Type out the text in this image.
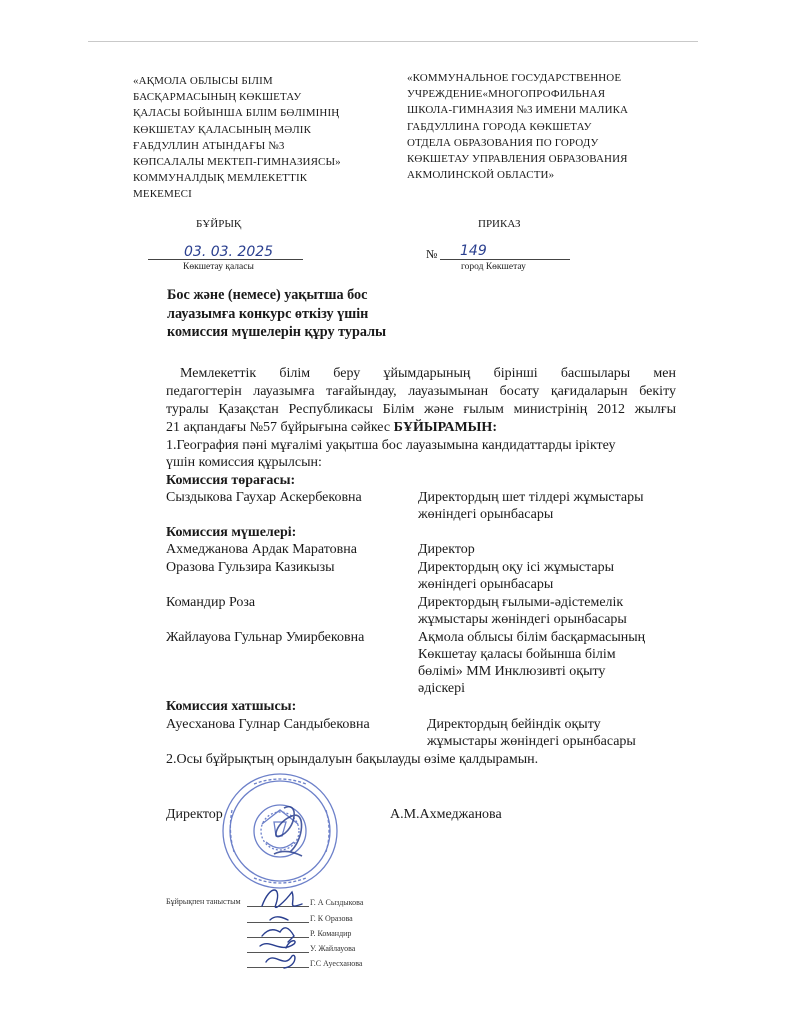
«АҚМОЛА ОБЛЫСЫ БІЛІМ
БАСҚАРМАСЫНЫҢ КӨКШЕТАУ
ҚАЛАСЫ БОЙЫНША БІЛІМ БӨЛІМІНІҢ
КӨКШЕТАУ ҚАЛАСЫНЫҢ МӘЛІК
ҒАБДУЛЛИН АТЫНДАҒЫ №3
КӨПСАЛАЛЫ МЕКТЕП-ГИМНАЗИЯСЫ»
КОММУНАЛДЫҚ МЕМЛЕКЕТТІК
МЕКЕМЕСІ
«КОММУНАЛЬНОЕ ГОСУДАРСТВЕННОЕ
УЧРЕЖДЕНИЕ«МНОГОПРОФИЛЬНАЯ
ШКОЛА-ГИМНАЗИЯ №3 ИМЕНИ МАЛИКА
ГАБДУЛЛИНА ГОРОДА КӨКШЕТАУ
ОТДЕЛА ОБРАЗОВАНИЯ ПО ГОРОДУ
КӨКШЕТАУ УПРАВЛЕНИЯ ОБРАЗОВАНИЯ
АКМОЛИНСКОЙ ОБЛАСТИ»
БҰЙРЫҚ	ПРИКАЗ
03. 03. 2025
Көкшетау қаласы
№ 149
город Көкшетау
Бос және (немесе) уақытша бос
лауазымға конкурс өткізу үшін
комиссия мүшелерін құру туралы
Мемлекеттік білім беру ұйымдарының бірінші басшылары мен
педагогтерін лауазымға тағайындау, лауазымынан босату қағидаларын бекіту
туралы Қазақстан Республикасы Білім және ғылым министрінің 2012 жылғы
21 ақпандағы №57 бұйрығына сәйкес БҰЙЫРАМЫН:
1.География пәні мұғалімі уақытша бос лауазымына кандидаттарды іріктеу
үшін комиссия құрылсын:
Комиссия төрағасы:
Сыздыкова Гаухар Аскербековна	Директордың шет тілдері жұмыстары
жөніндегі орынбасары
Комиссия мүшелері:
Ахмеджанова Ардак Маратовна	Директор
Оразова Гульзира Казикызы	Директордың оқу ісі жұмыстары
жөніндегі орынбасары
Командир Роза	Директордың ғылыми-әдістемелік
жұмыстары жөніндегі орынбасары
Жайлауова Гульнар Умирбековна	Ақмола облысы білім басқармасының
Көкшетау қаласы бойынша білім
бөлімі» ММ Инклюзивті оқыту
әдіскері
Комиссия хатшысы:
Ауесханова Гулнар Сандыбековна	Директордың бейіндік оқыту
жұмыстары жөніндегі орынбасары
2.Осы бұйрықтың орындалуын бақылауды өзіме қалдырамын.
Директор	А.М.Ахмеджанова
Бұйрықпен таныстым	Г. А Сыздыкова
Г. К Оразова
Р. Командир
У. Жайлауова
Г.С Ауесханова
